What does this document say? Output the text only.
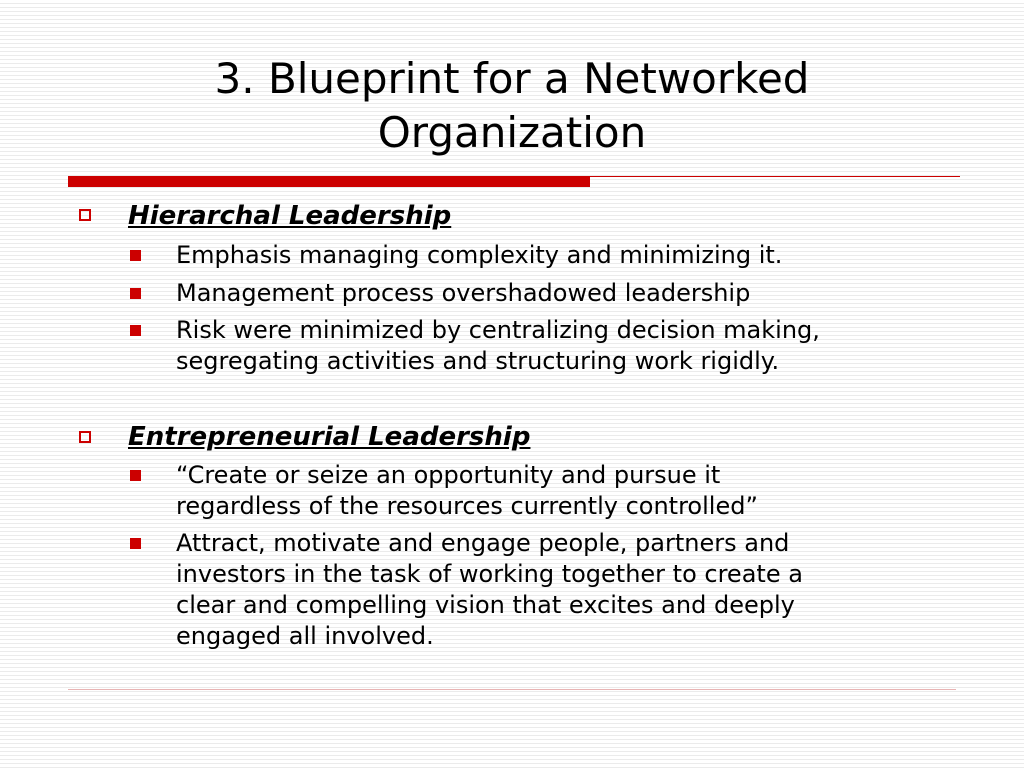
3. Blueprint for a Networked
Organization
Hierarchal Leadership
Emphasis managing complexity and minimizing it.
Management process overshadowed leadership
Risk were minimized by centralizing decision making,
segregating activities and structuring work rigidly.
Entrepreneurial Leadership
“Create or seize an opportunity and pursue it
regardless of the resources currently controlled”
Attract, motivate and engage people, partners and
investors in the task of working together to create a
clear and compelling vision that excites and deeply
engaged all involved.
